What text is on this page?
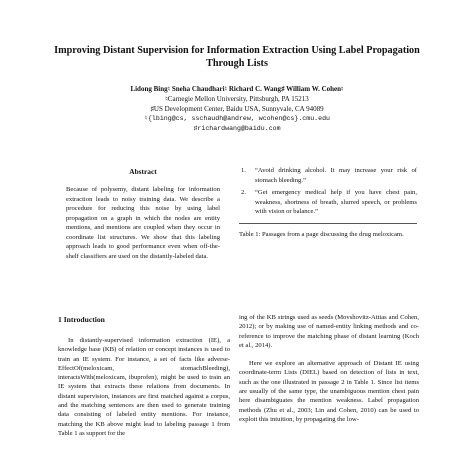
Improving Distant Supervision for Information Extraction Using Label Propagation Through Lists
Lidong Bing♮ Sneha Chaudhari♮ Richard C. Wang♯ William W. Cohen♮
♮Carnegie Mellon University, Pittsburgh, PA 15213
♯US Development Center, Baidu USA, Sunnyvale, CA 94089
♮{lbing@cs, sschaudh@andrew, wcohen@cs}.cmu.edu
♯richardwang@baidu.com
Abstract
Because of polysemy, distant labeling for information extraction leads to noisy training data. We describe a procedure for reducing this noise by using label propagation on a graph in which the nodes are entity mentions, and mentions are coupled when they occur in coordinate list structures. We show that this labeling approach leads to good performance even when off-the-shelf classifiers are used on the distantly-labeled data.
1.	“Avoid drinking alcohol. It may increase your risk of stomach bleeding.”
2.	“Get emergency medical help if you have chest pain, weakness, shortness of breath, slurred speech, or problems with vision or balance.”
Table 1: Passages from a page discussing the drug meloxicam.
1 Introduction

In distantly-supervised information extraction (IE), a knowledge base (KB) of relation or concept instances is used to train an IE system. For instance, a set of facts like adverse-EffectOf(meloxicam, stomachBleeding), interactsWith(meloxicam, ibuprofen), might be used to train an IE system that extracts these relations from documents. In distant supervision, instances are first matched against a corpus, and the matching sentences are then used to generate training data consisting of labeled entity mentions. For instance, matching the KB above might lead to labeling passage 1 from Table 1 as support for the

ing of the KB strings used as seeds (Movshovitz-Attias and Cohen, 2012); or by making use of named-entity linking methods and co-reference to improve the matching phase of distant learning (Koch et al., 2014).

Here we explore an alternative approach of Distant IE using coordinate-term Lists (DIEL) based on detection of lists in text, such as the one illustrated in passage 2 in Table 1. Since list items are usually of the same type, the unambiguous mention chest pain here disambiguates the mention weakness. Label propagation methods (Zhu et al., 2003; Lin and Cohen, 2010) can be used to exploit this intuition, by propagating the low-
